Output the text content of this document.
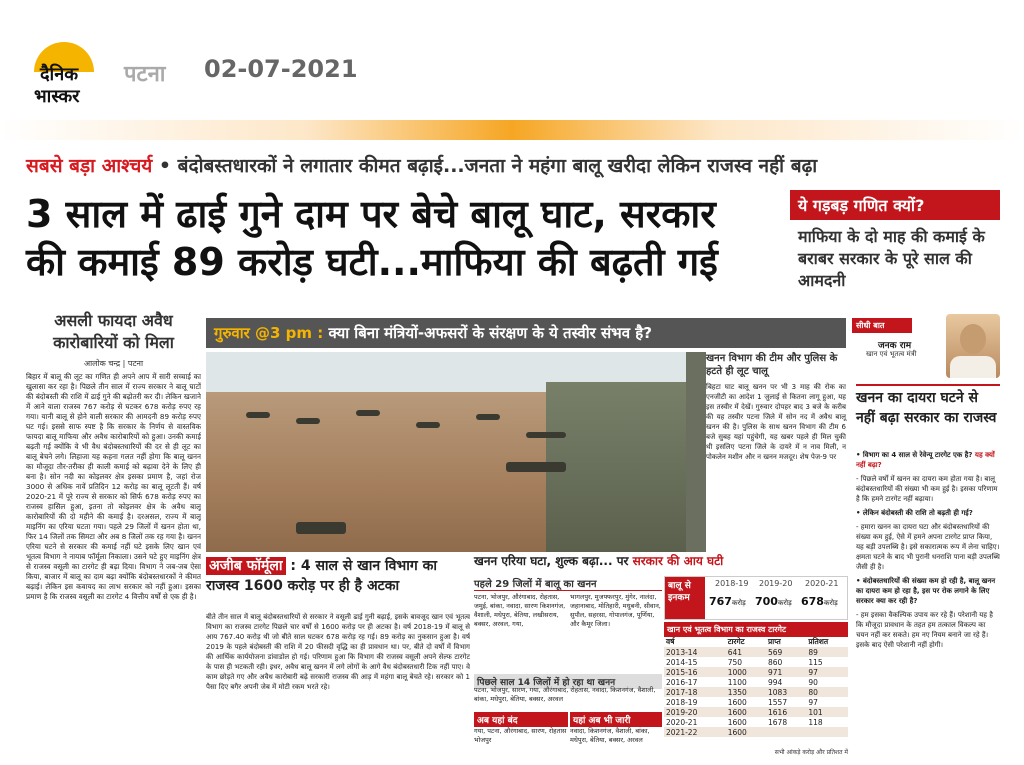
दैनिक
भास्कर
पटना 02-07-2021
सबसे बड़ा आश्चर्य • बंदोबस्तधारकों ने लगातार कीमत बढ़ाई...जनता ने महंगा बालू खरीदा लेकिन राजस्व नहीं बढ़ा
3 साल में ढाई गुने दाम पर बेचे बालू घाट, सरकार
की कमाई 89 करोड़ घटी...माफिया की बढ़ती गई
ये गड़बड़ गणित क्यों?
माफिया के दो माह की कमाई के बराबर सरकार के पूरे साल की आमदनी
असली फायदा अवैध कारोबारियों को मिला
आलोक चन्द्र | पटना
बिहार में बालू की लूट का गणित ही अपने आप में सारी सच्चाई का खुलासा कर रहा है। पिछले तीन साल में राज्य सरकार ने बालू घाटों की बंदोबस्ती की राशि में ढाई गुने की बढ़ोतरी कर दी। लेकिन खजाने में आने वाला राजस्व 767 करोड़ से घटकर 678 करोड़ रुपए रह गया। यानी बालू से होने वाली सरकार की आमदनी 89 करोड़ रुपए घट गई। इससे साफ स्पष्ट है कि सरकार के निर्णय से वास्तविक फायदा बालू माफिया और अवैध कारोबारियों को हुआ। उनकी कमाई बढ़ती गई क्योंकि वे भी वैध बंदोबस्तधारियों की दर से ही लूट का बालू बेचने लगे। लिहाजा यह कहना गलत नहीं होगा कि बालू खनन का मौजूदा तौर-तरीका ही काली कमाई को बढ़ावा देने के लिए ही बना है। सोन नदी का कोइलवर क्षेत्र इसका प्रमाण है, जहां रोज 3000 से अधिक नावें प्रतिदिन 12 करोड़ का बालू लूटती हैं। वर्ष 2020-21 में पूरे राज्य से सरकार को सिर्फ 678 करोड़ रुपए का राजस्व हासिल हुआ, इतना तो कोइलवर क्षेत्र के अवैध बालू कारोबारियों की दो महीने की कमाई है। दरअसल, राज्य में बालू माइनिंग का एरिया घटता गया। पहले 29 जिलों में खनन होता था, फिर 14 जिलों तक सिमटा और अब 8 जिलों तक रह गया है। खनन एरिया घटने से सरकार की कमाई नहीं घटे इसके लिए खान एवं भूतत्व विभाग ने नायाब फॉर्मूला निकाला। उसने घटे हुए माइनिंग क्षेत्र से राजस्व वसूली का टारगेट ही बढ़ा दिया। विभाग ने जब-जब ऐसा किया, बाजार में बालू का दाम बढ़ा क्योंकि बंदोबस्तधारकों ने कीमत बढ़ाई। लेकिन इस कवायद का लाभ सरकार को नहीं हुआ। इसका प्रमाण है कि राजस्व वसूली का टारगेट 4 वित्तीय वर्षों से एक ही है।
गुरुवार @3 pm : क्या बिना मंत्रियों-अफसरों के संरक्षण के ये तस्वीर संभव है?
खनन विभाग की टीम और पुलिस के हटते ही लूट चालू
बिहटा घाट बालू खनन पर भी 3 माह की रोक का एनजीटी का आदेश 1 जुलाई से कितना लागू हुआ, यह इस तस्वीर में देखें। गुरुवार दोपहर बाद 3 बजे के करीब की यह तस्वीर पटना जिले में सोन नद में अवैध बालू खनन की है। पुलिस के साथ खनन विभाग की टीम 6 बजे सुबह यहां पहुंचेगी, यह खबर पहले ही मिल चुकी थी इसलिए पटना जिले के दायरे में न नाव मिली, न पोकलेन मशीन और न खनन मजदूर। शेष पेज-9 पर
अजीब फॉर्मूला : 4 साल से खान विभाग का राजस्व 1600 करोड़ पर ही है अटका
बीते तीन साल में बालू बंदोबस्तधारियों से सरकार ने वसूली ढाई गुनी बढ़ाई, इसके बावजूद खान एवं भूतत्व विभाग का राजस्व टारगेट पिछले चार वर्षों से 1600 करोड़ पर ही अटका है। वर्ष 2018-19 में बालू से आय 767.40 करोड़ थी जो बीते साल घटकर 678 करोड़ रह गई। 89 करोड़ का नुकसान हुआ है। वर्ष 2019 के पहले बंदोबस्ती की राशि में 20 फीसदी वृद्धि का ही प्रावधान था। पर, बीते दो वर्षों में विभाग की आर्थिक कार्ययोजना डांवाडोल हो गई। परिणाम हुआ कि विभाग की राजस्व वसूली अपने सेल्फ टारगेट के पास ही भटकती रही। इधर, अवैध बालू खनन में लगे लोगों के आगे वैध बंदोबस्तधारी टिक नहीं पाए। वे काम छोड़ते गए और अवैध कारोबारी बढ़े सरकारी राजस्व की आड़ में महंगा बालू बेचते रहे। सरकार को 1 पैसा दिए बगैर अपनी जेब में मोटी रकम भरते रहे।
खनन एरिया घटा, शुल्क बढ़ा... पर सरकार की आय घटी
पहले 29 जिलों में बालू का खनन
पटना, भोजपुर, औरंगाबाद, रोहतास, जमुई, बांका, नवादा, सारण किशनगंज, वैशाली, मधेपुरा, बेतिया, लखीसराय, बक्सर, अरवल, गया,
भागलपुर, मुजफ्फरपुर, मुंगेर, नालंदा, जहानाबाद, मोतिहारी, मधुबनी, सीवान, सुपौल, सहरसा, गोपालगंज, पूर्णिया, और कैमूर जिला।
पिछले साल 14 जिलों में हो रहा था खनन
पटना, भोजपुर, सारण, गया, औरंगाबाद, रोहतास, नवादा, किशनगंज, वैशाली, बांका, मधेपुरा, बेतिया, बक्सर, अरवल
अब यहां बंद
गया, पटना, औरंगाबाद, सारण, रोहतास भोजपुर
यहां अब भी जारी
नवादा, किशनगंज, वैशाली, बांका, मधेपुरा, बेतिया, बक्सर, अरवल
बालू से इनकम
2018-19 2019-20 2020-21
767करोड़ 700करोड़ 678करोड़
खान एवं भूतत्व विभाग का राजस्व टारगेट
वर्ष	टारगेट	प्राप्त	प्रतिशत
2013-14	641	569	89
2014-15	750	860	115
2015-16	1000	971	97
2016-17	1100	994	90
2017-18	1350	1083	80
2018-19	1600	1557	97
2019-20	1600	1616	101
2020-21	1600	1678	118
2021-22	1600		
सभी आंकड़े करोड़ और प्रतिशत में
सीधी बात
जनक राम
खान एवं भूतत्व मंत्री
खनन का दायरा घटने से नहीं बढ़ा सरकार का राजस्व

• विभाग का 4 साल से रेवेन्यू टारगेट एक है? यह क्यों नहीं बढ़ा?

- पिछले वर्षों में खनन का दायरा कम होता गया है। बालू बंदोबस्तधारियों की संख्या भी कम हुई है। इसका परिणाम है कि हमने टारगेट नहीं बढ़ाया।

• लेकिन बंदोबस्ती की राशि तो बढ़ती ही गई?

- हमारा खनन का दायरा घटा और बंदोबस्तधारियों की संख्या कम हुई, ऐसे में हमने अपना टारगेट प्राप्त किया, यह बड़ी उपलब्धि है। इसे सकारात्मक रूप में लेना चाहिए। क्षमता घटने के बाद भी पुरानी धनराशि पाना बड़ी उपलब्धि जैसी ही है।

• बंदोबस्तधारियों की संख्या कम हो रही है, बालू खनन का दायरा कम हो रहा है, इस पर रोक लगाने के लिए सरकार क्या कर रही है?

- हम इसका वैकल्पिक उपाय कर रहे हैं। परेशानी यह है कि मौजूदा प्रावधान के तहत हम तत्काल विकल्प का चयन नहीं कर सकते। हम नए नियम बनाने जा रहे हैं। इसके बाद ऐसी परेशानी नहीं होगी।
